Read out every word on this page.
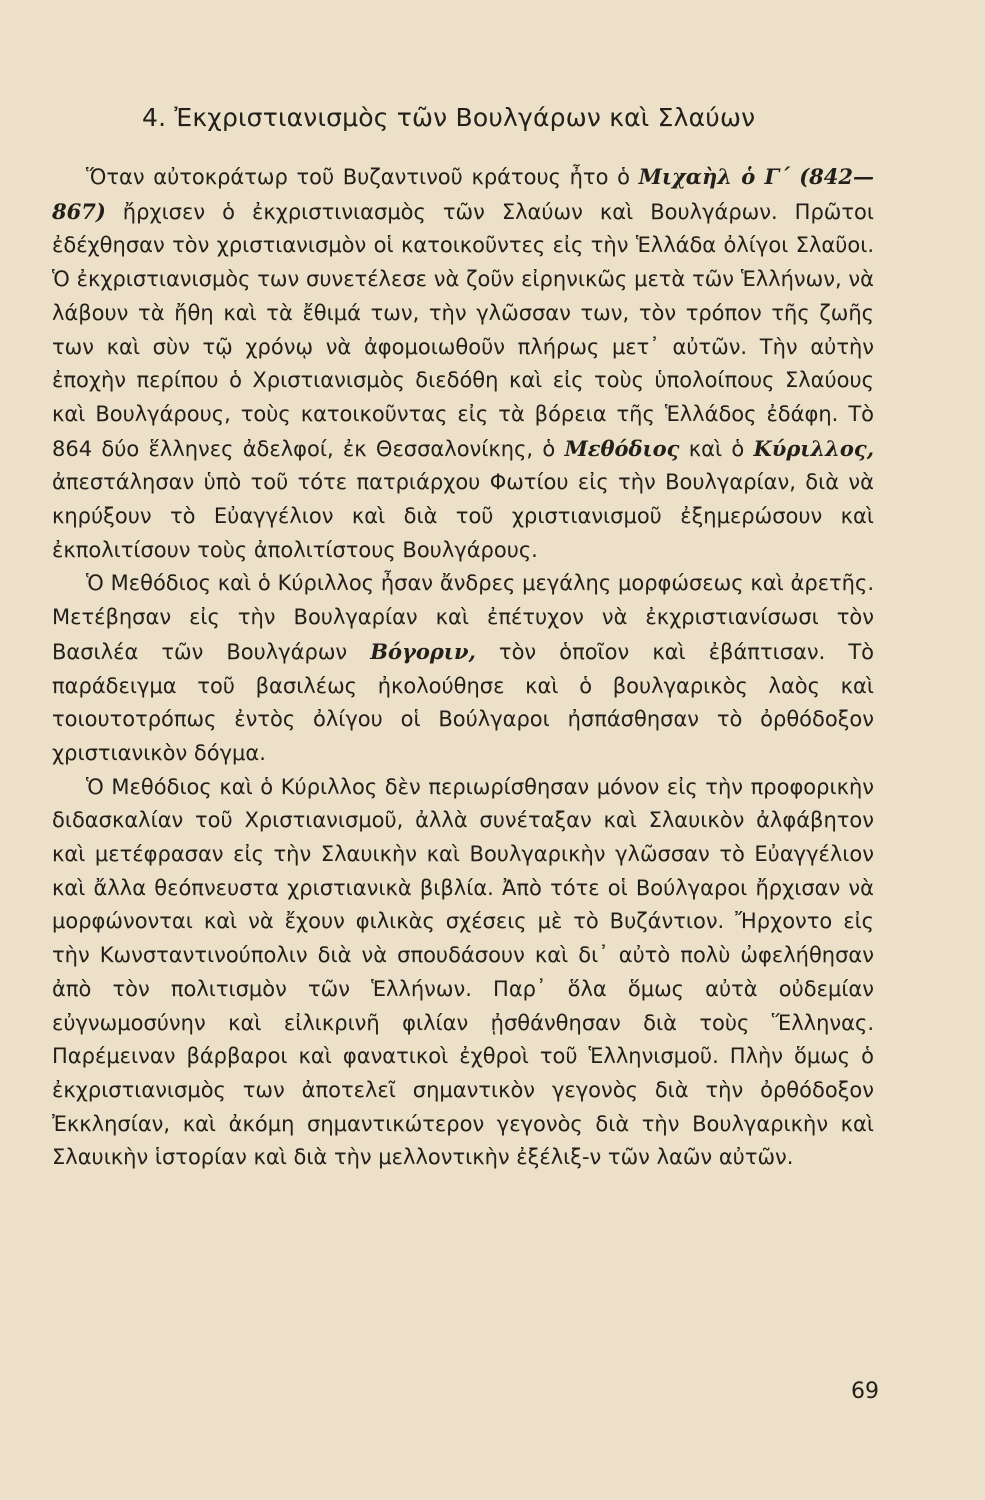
4. Ἐκχριστιανισμὸς τῶν Βουλγάρων καὶ Σλαύων

Ὅταν αὐτοκράτωρ τοῦ Βυζαντινοῦ κράτους ἦτο ὁ Μιχαὴλ ὁ Γ΄ (842—867) ἤρχισεν ὁ ἐκχριστινιασμὸς τῶν Σλαύων καὶ Βουλγάρων. Πρῶτοι ἐδέχθησαν τὸν χριστιανισμὸν οἱ κατοικοῦντες εἰς τὴν Ἑλλάδα ὀλίγοι Σλαῦοι. Ὁ ἐκχριστιανισμὸς των συνετέλεσε νὰ ζοῦν εἰρηνικῶς μετὰ τῶν Ἑλλήνων, νὰ λάβουν τὰ ἤθη καὶ τὰ ἔθιμά των, τὴν γλῶσσαν των, τὸν τρόπον τῆς ζωῆς των καὶ σὺν τῷ χρόνῳ νὰ ἀφομοιωθοῦν πλήρως μετ᾽ αὐτῶν. Τὴν αὐτὴν ἐποχὴν περίπου ὁ Χριστιανισμὸς διεδόθη καὶ εἰς τοὺς ὑπολοίπους Σλαύους καὶ Βουλγάρους, τοὺς κατοικοῦντας εἰς τὰ βόρεια τῆς Ἑλλάδος ἐδάφη. Τὸ 864 δύο ἕλληνες ἀδελφοί, ἐκ Θεσσαλονίκης, ὁ Μεθόδιος καὶ ὁ Κύριλλος, ἀπεστάλησαν ὑπὸ τοῦ τότε πατριάρχου Φωτίου εἰς τὴν Βουλγαρίαν, διὰ νὰ κηρύξουν τὸ Εὐαγγέλιον καὶ διὰ τοῦ χριστιανισμοῦ ἐξημερώσουν καὶ ἐκπολιτίσουν τοὺς ἀπολιτίστους Βουλγάρους.

Ὁ Μεθόδιος καὶ ὁ Κύριλλος ἦσαν ἄνδρες μεγάλης μορφώσεως καὶ ἀρετῆς. Μετέβησαν εἰς τὴν Βουλγαρίαν καὶ ἐπέτυχον νὰ ἐκχριστιανίσωσι τὸν Βασιλέα τῶν Βουλγάρων Βόγοριν, τὸν ὁποῖον καὶ ἐβάπτισαν. Τὸ παράδειγμα τοῦ βασιλέως ἠκολούθησε καὶ ὁ βουλγαρικὸς λαὸς καὶ τοιουτοτρόπως ἐντὸς ὀλίγου οἱ Βούλγαροι ἠσπάσθησαν τὸ ὀρθόδοξον χριστιανικὸν δόγμα.

Ὁ Μεθόδιος καὶ ὁ Κύριλλος δὲν περιωρίσθησαν μόνον εἰς τὴν προφορικὴν διδασκαλίαν τοῦ Χριστιανισμοῦ, ἀλλὰ συνέταξαν καὶ Σλαυικὸν ἀλφάβητον καὶ μετέφρασαν εἰς τὴν Σλαυικὴν καὶ Βουλγαρικὴν γλῶσσαν τὸ Εὐαγγέλιον καὶ ἄλλα θεόπνευστα χριστιανικὰ βιβλία. Ἀπὸ τότε οἱ Βούλγαροι ἤρχισαν νὰ μορφώνονται καὶ νὰ ἔχουν φιλικὰς σχέσεις μὲ τὸ Βυζάντιον. Ἤρχοντο εἰς τὴν Κωνσταντινούπολιν διὰ νὰ σπουδάσουν καὶ δι᾽ αὐτὸ πολὺ ὠφελήθησαν ἀπὸ τὸν πολιτισμὸν τῶν Ἑλλήνων. Παρ᾽ ὅλα ὅμως αὐτὰ οὐδεμίαν εὐγνωμοσύνην καὶ εἰλικρινῆ φιλίαν ᾐσθάνθησαν διὰ τοὺς Ἕλληνας. Παρέμειναν βάρβαροι καὶ φανατικοὶ ἐχθροὶ τοῦ Ἑλληνισμοῦ. Πλὴν ὅμως ὁ ἐκχριστιανισμὸς των ἀποτελεῖ σημαντικὸν γεγονὸς διὰ τὴν ὀρθόδοξον Ἐκκλησίαν, καὶ ἀκόμη σημαντικώτερον γεγονὸς διὰ τὴν Βουλγαρικὴν καὶ Σλαυικὴν ἱστορίαν καὶ διὰ τὴν μελλοντικὴν ἐξέλιξ-ν τῶν λαῶν αὐτῶν.

69
